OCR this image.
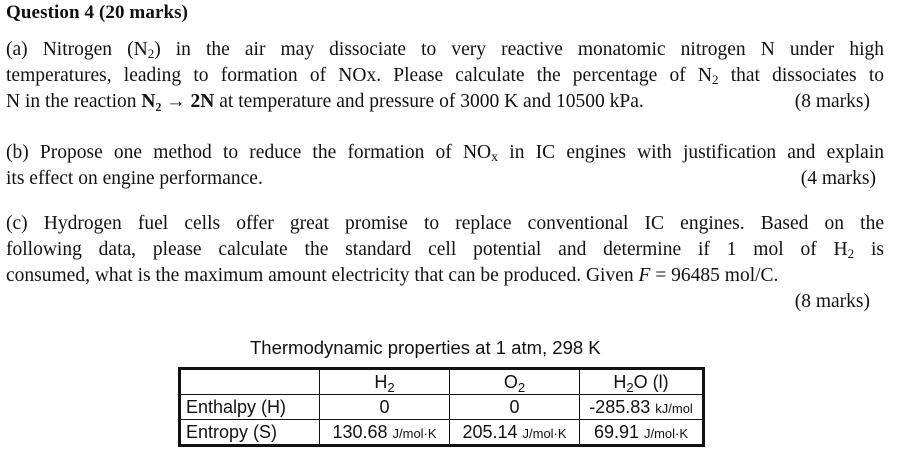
Question 4 (20 marks)
(a) Nitrogen $(N_2)$ in the air may dissociate to very reactive monatomic nitrogen N under high
temperatures, leading to formation of NOx. Please calculate the percentage of $N_2$ that dissociates to
N in the reaction N₂ → 2N at temperature and pressure of 3000 K and 10500 kPa.	(8 marks)
(b) Propose one method to reduce the formation of $NO_x$ in IC engines with justification and explain
its effect on engine performance.	(4 marks)
(c) Hydrogen fuel cells offer great promise to replace conventional IC engines. Based on the
following data, please calculate the standard cell potential and determine if 1 mol of $H_2$ is
consumed, what is the maximum amount electricity that can be produced. Given F = 96485 mol/C.
(8 marks)
Thermodynamic properties at 1 atm, 298 K
	$H_2$	$O_2$	$H_2O$ (l)
Enthalpy (H)	0	0	-285.83 kJ/mol
Entropy (S)	130.68 J/mol·K	205.14 J/mol·K	69.91 J/mol·K
